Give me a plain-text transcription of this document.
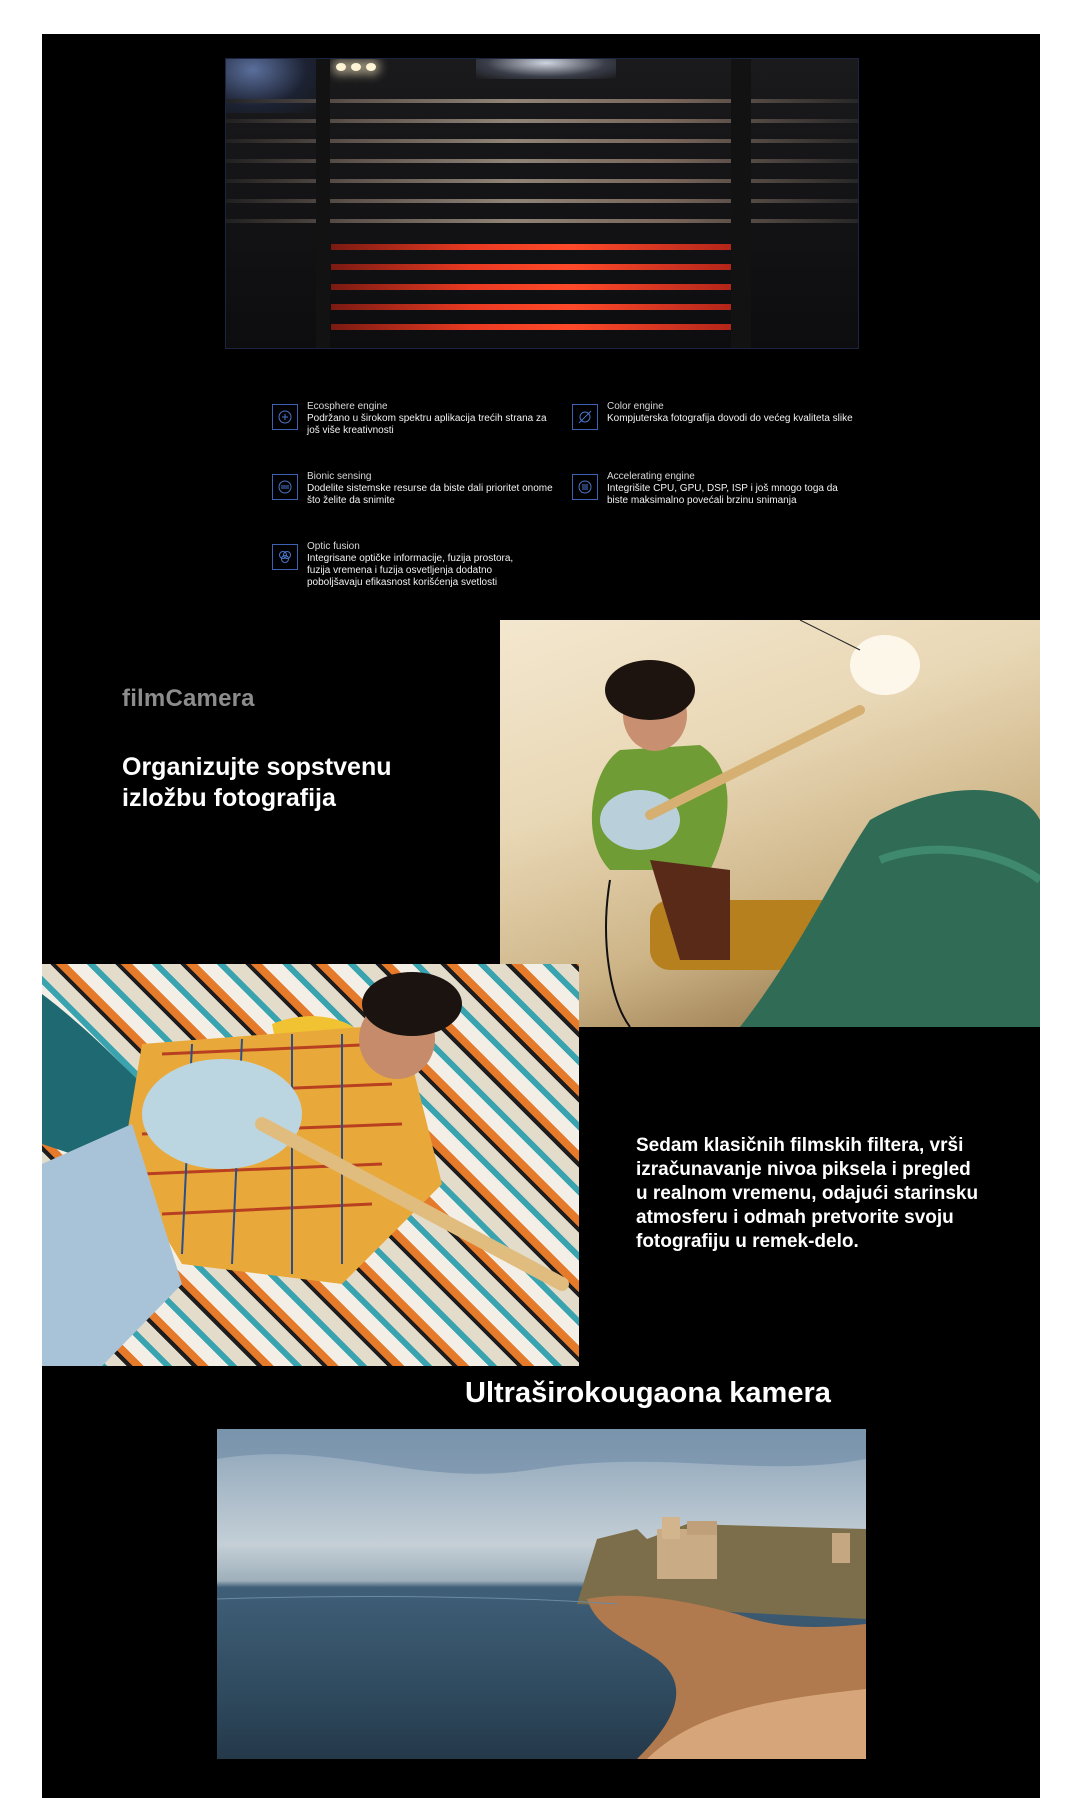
Ecosphere engine
Podržano u širokom spektru aplikacija trećih strana za još više kreativnosti
Color engine
Kompjuterska fotografija dovodi do većeg kvaliteta slike
Bionic sensing
Dodelite sistemske resurse da biste dali prioritet onome što želite da snimite
Accelerating engine
Integrišite CPU, GPU, DSP, ISP i još mnogo toga da biste maksimalno povećali brzinu snimanja
Optic fusion
Integrisane optičke informacije, fuzija prostora, fuzija vremena i fuzija osvetljenja dodatno poboljšavaju efikasnost korišćenja svetlosti
filmCamera
Organizujte sopstvenu izložbu fotografija
Sedam klasičnih filmskih filtera, vrši izračunavanje nivoa piksela i pregled u realnom vremenu, odajući starinsku atmosferu i odmah pretvorite svoju fotografiju u remek-delo.
Ultraširokougaona kamera
